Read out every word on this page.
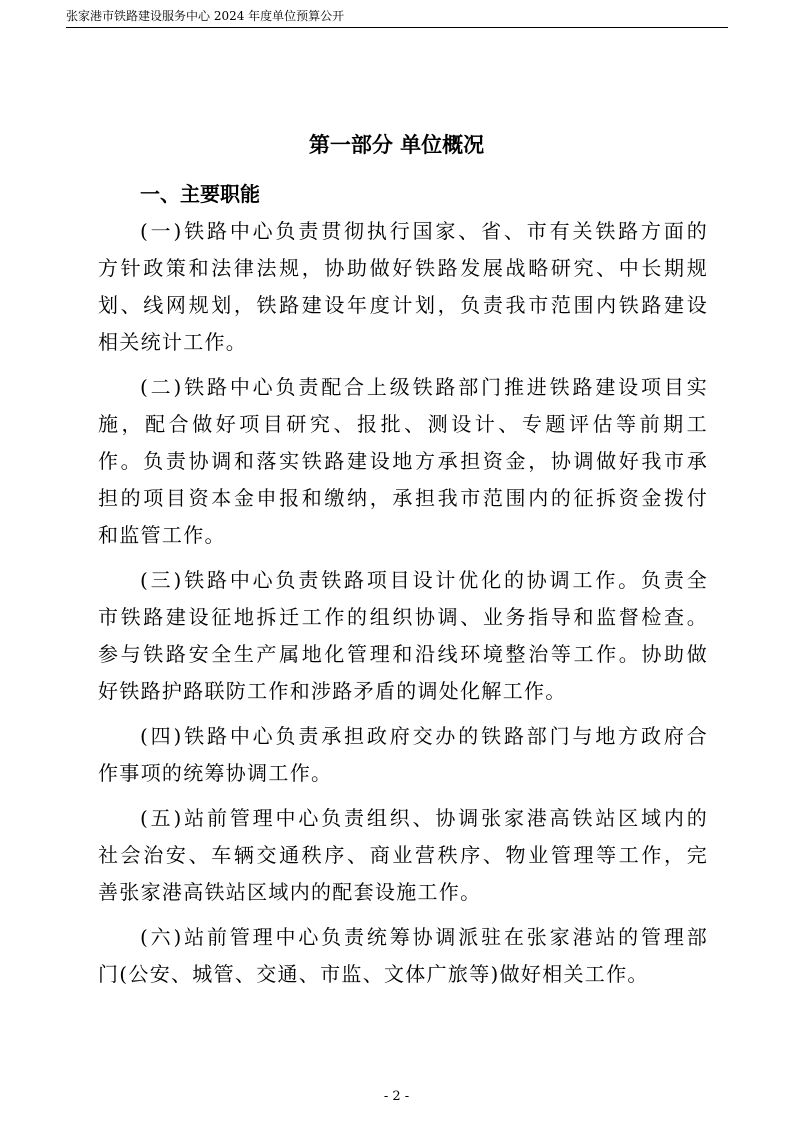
张家港市铁路建设服务中心 2024 年度单位预算公开
第一部分 单位概况
一、主要职能
(一)铁路中心负责贯彻执行国家、省、市有关铁路方面的
方针政策和法律法规，协助做好铁路发展战略研究、中长期规
划、线网规划，铁路建设年度计划，负责我市范围内铁路建设
相关统计工作。
(二)铁路中心负责配合上级铁路部门推进铁路建设项目实
施，配合做好项目研究、报批、测设计、专题评估等前期工
作。负责协调和落实铁路建设地方承担资金，协调做好我市承
担的项目资本金申报和缴纳，承担我市范围内的征拆资金拨付
和监管工作。
(三)铁路中心负责铁路项目设计优化的协调工作。负责全
市铁路建设征地拆迁工作的组织协调、业务指导和监督检查。
参与铁路安全生产属地化管理和沿线环境整治等工作。协助做
好铁路护路联防工作和涉路矛盾的调处化解工作。
(四)铁路中心负责承担政府交办的铁路部门与地方政府合
作事项的统筹协调工作。
(五)站前管理中心负责组织、协调张家港高铁站区域内的
社会治安、车辆交通秩序、商业营秩序、物业管理等工作，完
善张家港高铁站区域内的配套设施工作。
(六)站前管理中心负责统筹协调派驻在张家港站的管理部
门(公安、城管、交通、市监、文体广旅等)做好相关工作。
- 2 -
